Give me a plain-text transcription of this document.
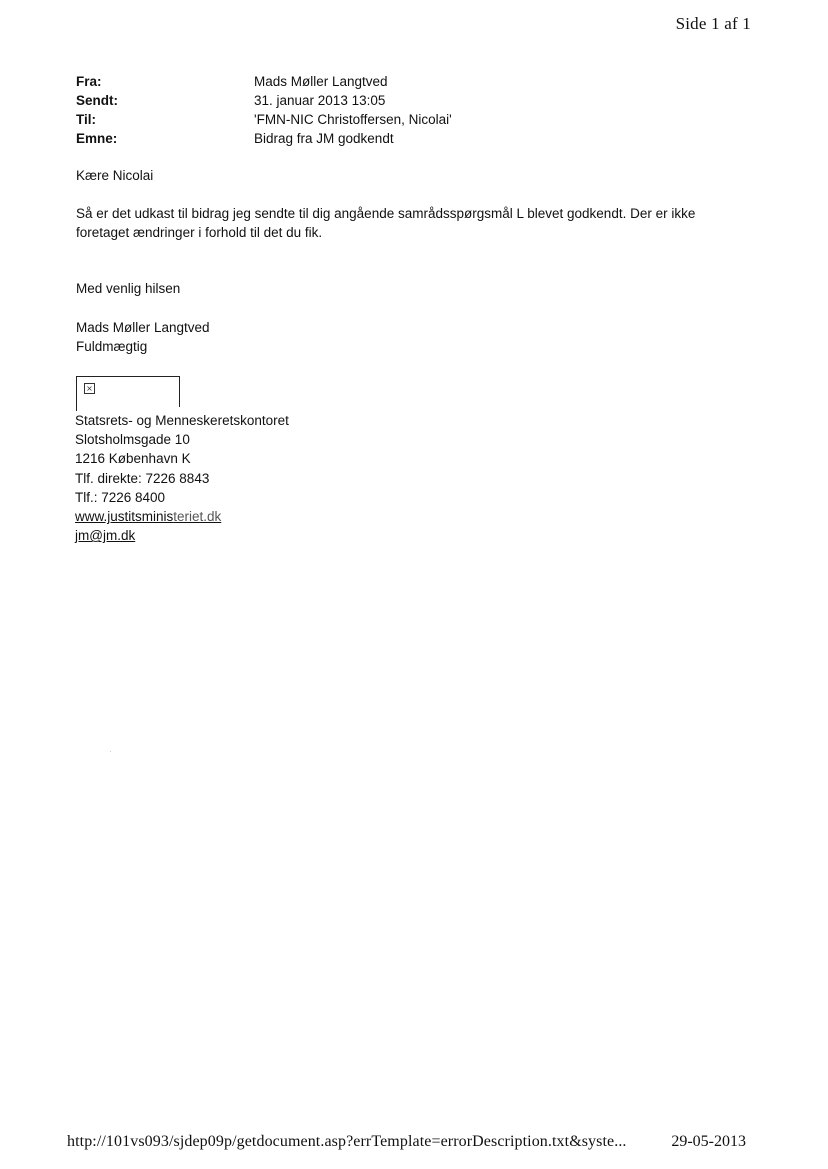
Side 1 af 1
Fra:	Mads Møller Langtved
Sendt:	31. januar 2013 13:05
Til:	'FMN-NIC Christoffersen, Nicolai'
Emne:	Bidrag fra JM godkendt
Kære Nicolai
Så er det udkast til bidrag jeg sendte til dig angående samrådsspørgsmål L blevet godkendt. Der er ikke
foretaget ændringer i forhold til det du fik.
Med venlig hilsen
Mads Møller Langtved
Fuldmægtig
×
Statsrets- og Menneskeretskontoret
Slotsholmsgade 10
1216 København K
Tlf. direkte: 7226 8843
Tlf.: 7226 8400
www.justitsministeriet.dk
jm@jm.dk
http://101vs093/sjdep09p/getdocument.asp?errTemplate=errorDescription.txt&syste...	29-05-2013
